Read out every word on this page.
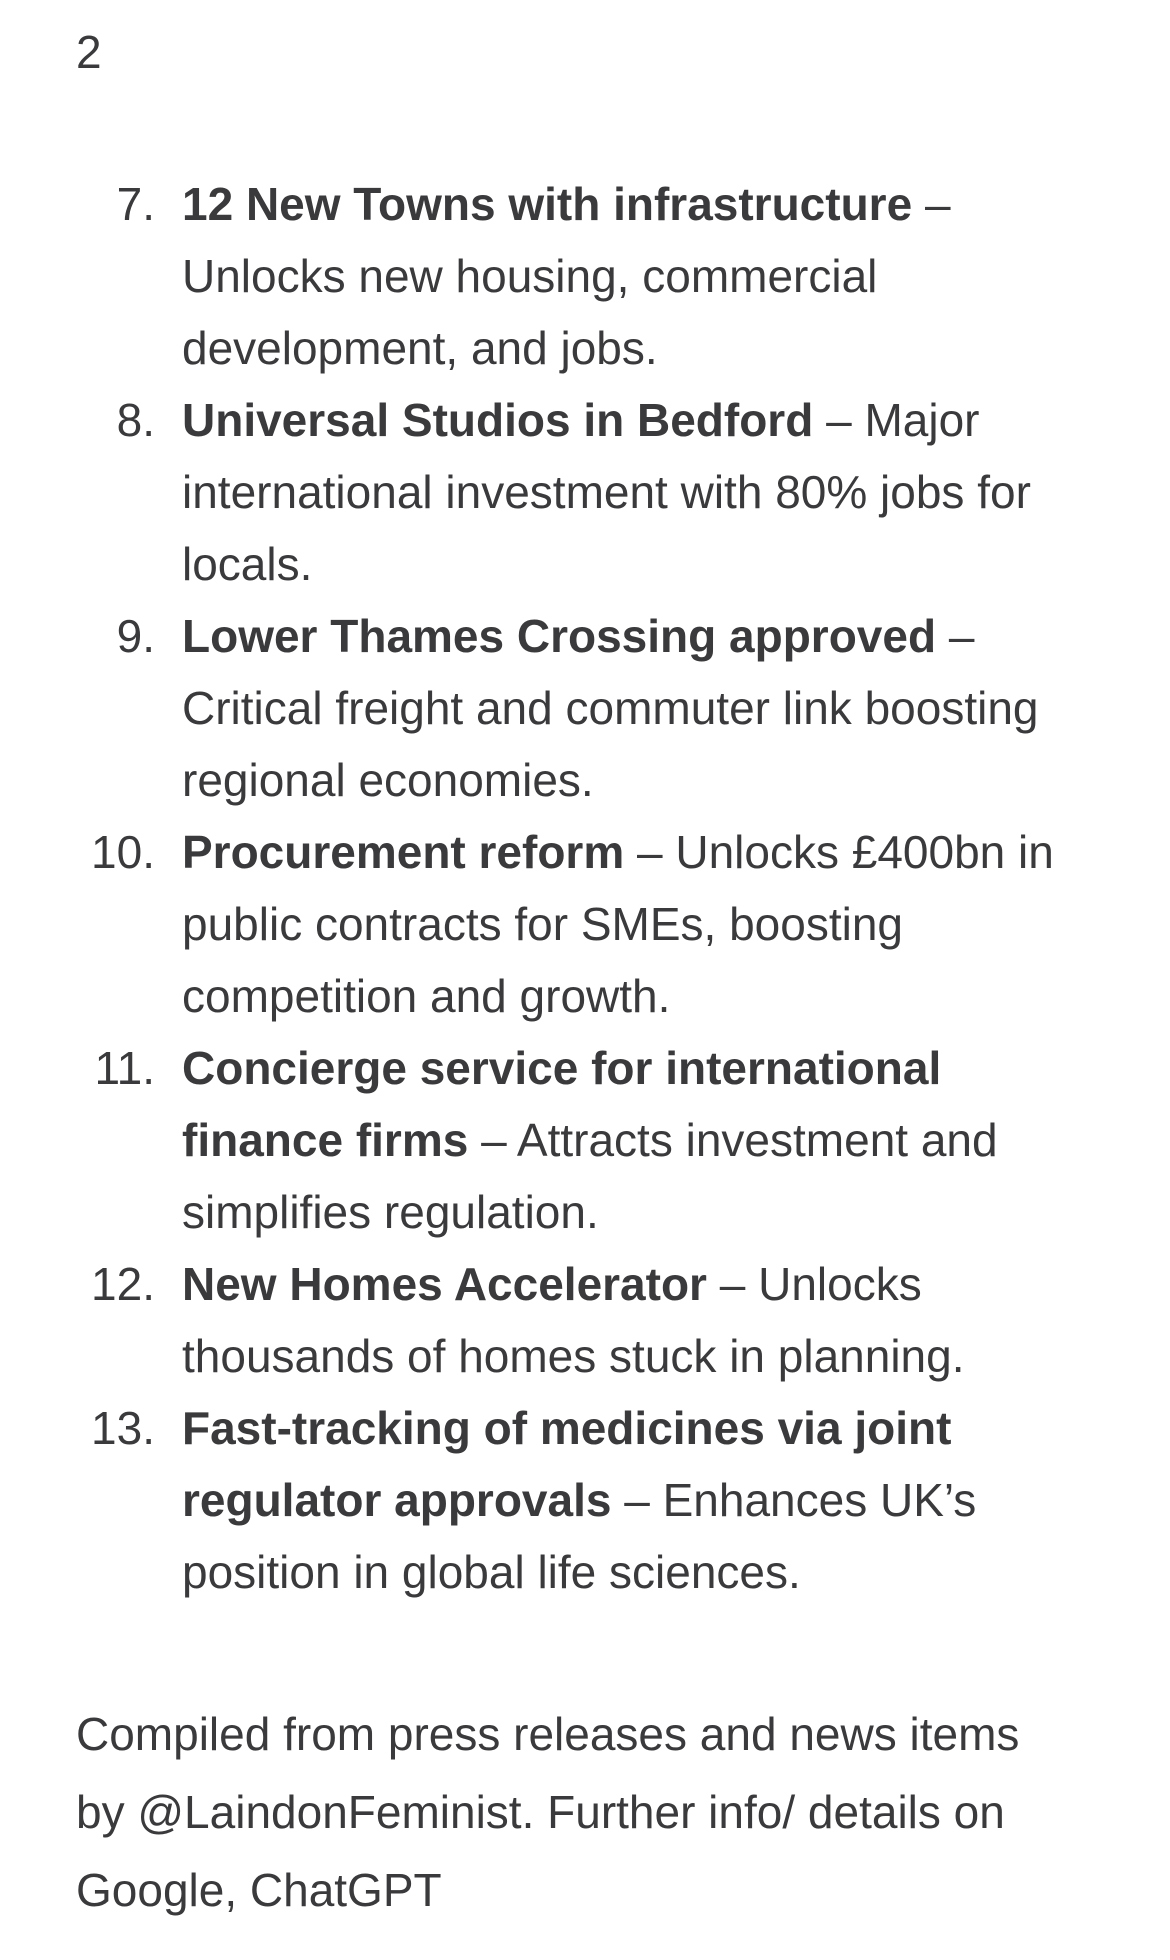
2
7. 12 New Towns with infrastructure – Unlocks new housing, commercial development, and jobs.
8. Universal Studios in Bedford – Major international investment with 80% jobs for locals.
9. Lower Thames Crossing approved – Critical freight and commuter link boosting regional economies.
10. Procurement reform – Unlocks £400bn in public contracts for SMEs, boosting competition and growth.
11. Concierge service for international finance firms – Attracts investment and simplifies regulation.
12. New Homes Accelerator – Unlocks thousands of homes stuck in planning.
13. Fast-tracking of medicines via joint regulator approvals – Enhances UK’s position in global life sciences.
Compiled from press releases and news items by @LaindonFeminist. Further info/ details on Google, ChatGPT
